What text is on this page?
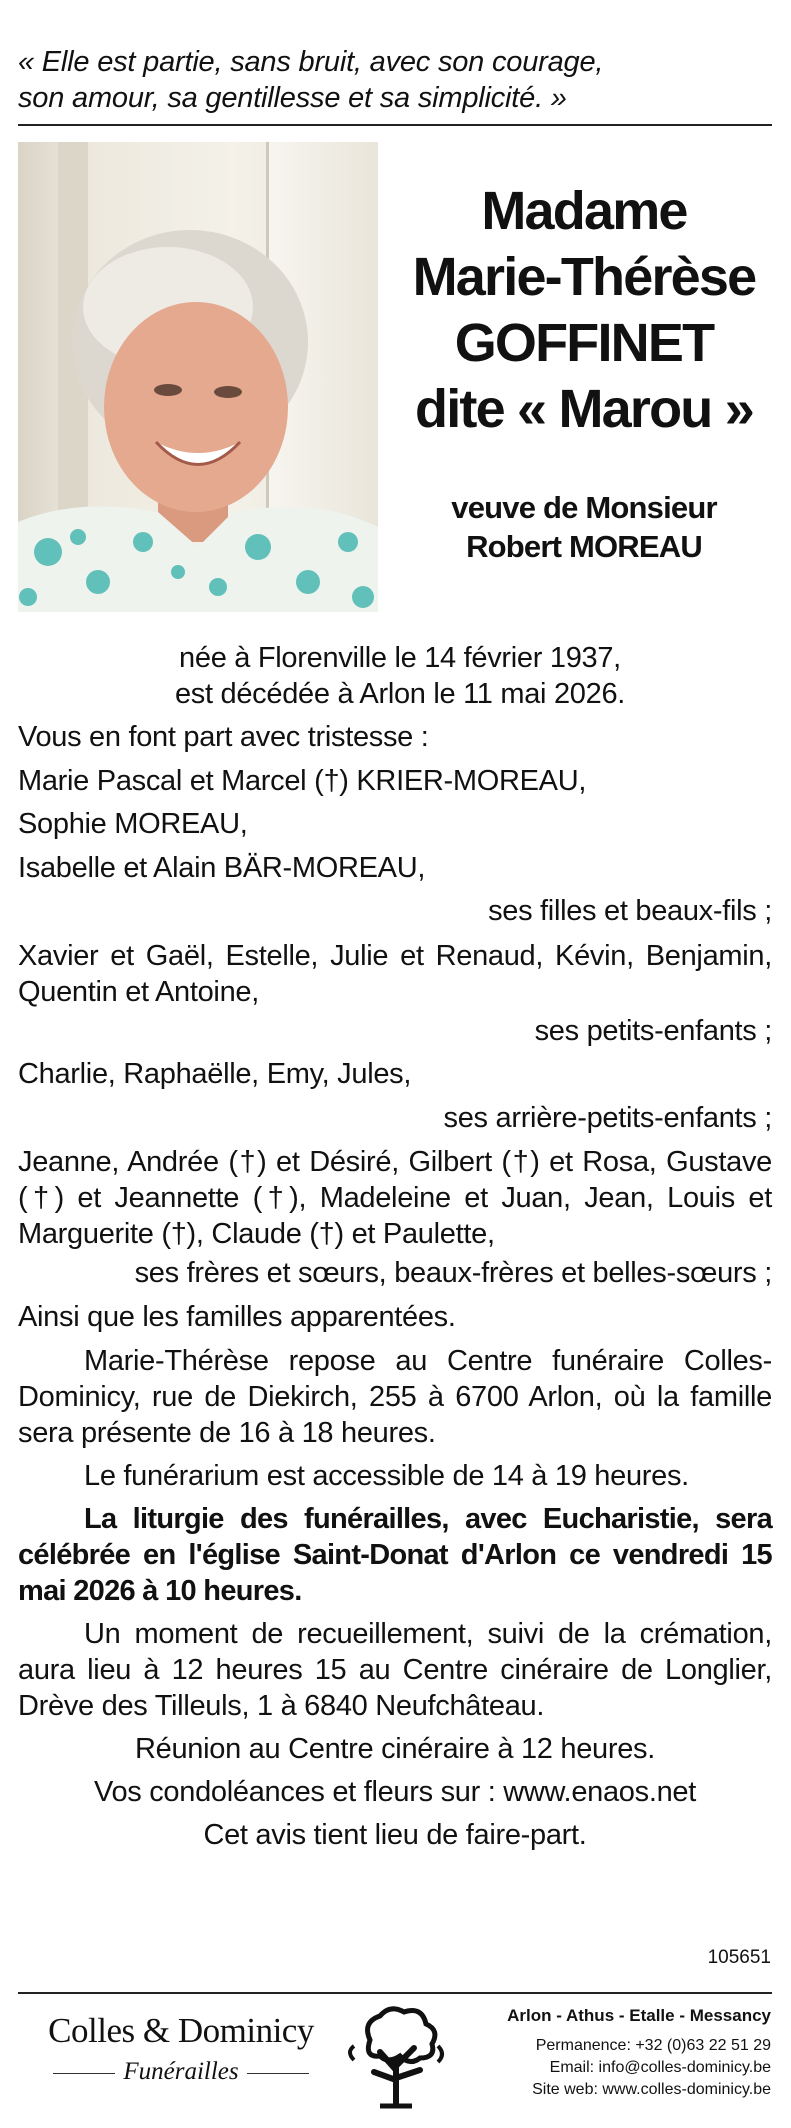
« Elle est partie, sans bruit, avec son courage,
son amour, sa gentillesse et sa simplicité. »
Madame
Marie-Thérèse
GOFFINET
dite « Marou »
veuve de Monsieur
Robert MOREAU
née à Florenville le 14 février 1937,
est décédée à Arlon le 11 mai 2026.
Vous en font part avec tristesse :
Marie Pascal et Marcel (†) KRIER-MOREAU,
Sophie MOREAU,
Isabelle et Alain BÄR-MOREAU,
ses filles et beaux-fils ;
Xavier et Gaël, Estelle, Julie et Renaud, Kévin, Benjamin, Quentin et Antoine,
ses petits-enfants ;
Charlie, Raphaëlle, Emy, Jules,
ses arrière-petits-enfants ;
Jeanne, Andrée (†) et Désiré, Gilbert (†) et Rosa, Gustave (†) et Jeannette (†), Madeleine et Juan, Jean, Louis et Marguerite (†), Claude (†) et Paulette,
ses frères et sœurs, beaux-frères et belles-sœurs ;
Ainsi que les familles apparentées.
Marie-Thérèse repose au Centre funéraire Colles-Dominicy, rue de Diekirch, 255 à 6700 Arlon, où la famille sera présente de 16 à 18 heures.
Le funérarium est accessible de 14 à 19 heures.
La liturgie des funérailles, avec Eucharistie, sera célébrée en l'église Saint-Donat d'Arlon ce vendredi 15 mai 2026 à 10 heures.
Un moment de recueillement, suivi de la crémation, aura lieu à 12 heures 15 au Centre cinéraire de Longlier, Drève des Tilleuls, 1 à 6840 Neufchâteau.
Réunion au Centre cinéraire à 12 heures.
Vos condoléances et fleurs sur : www.enaos.net
Cet avis tient lieu de faire-part.
105651
Colles & Dominicy
Funérailles
Arlon - Athus - Etalle - Messancy
Permanence: +32 (0)63 22 51 29
Email: info@colles-dominicy.be
Site web: www.colles-dominicy.be
